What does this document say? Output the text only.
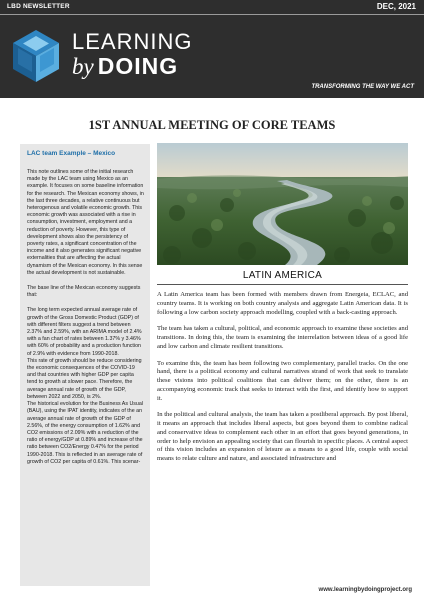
LBD NEWSLETTER	DEC, 2021
LEARNING
by DOING
TRANSFORMING THE WAY WE ACT
1ST ANNUAL MEETING OF CORE TEAMS
LAC team Example – Mexico

This note outlines some of the initial research made by the LAC team using Mexico as an example. It focuses on some baseline information for the research. The Mexican economy shows, in the last three decades, a relative continuous but heterogenous and volatile economic growth. This economic growth was associated with a rise in consumption, investment, employment and a reduction of poverty. However, this type of development shows also the persistency of poverty rates, a significant concentration of the income and it also generates significant negative externalities that are affecting the actual dynamism of the Mexican economy. In this sense the actual development is not sustainable.

The base line of the Mexican economy suggests that:

The long term expected annual average rate of growth of the Gross Domestic Product (GDP) of with different filters suggest a trend between 2.37% and 2.59%, with an ARIMA model of 2.4% with a fan chart of rates between 1.37% y 3.46% with 60% of probability and a production function of 2.9% with evidence from 1990-2018.

This rate of growth should be reduce considering the economic consequences of the COVID-19 and that countries with higher GDP per capita tend to growth at slower pace. Therefore, the average annual rate of growth of the GDP, between 2022 and 2050, is 2%.

The historical evolution for the Business As Usual (BAU), using the IPAT identity, indicates of the an average annual rate of growth of the GDP of 2.56%, of the energy consumption of 1.62% and CO2 emissions of 2.09% with a reduction of the ratio of energy/GDP at 0.89% and increase of the ratio between CO2/Energy 0.47% for the period 1990-2018. This is reflected in an average rate of growth of CO2 per capita of 0.61%. This scenar-

LATIN AMERICA

A Latin America team has been formed with members drawn from Energeia, ECLAC, and country teams. It is working on both country analysis and aggregate Latin American data. It is following a low carbon society approach modelling, coupled with a back-casting approach.

The team has taken a cultural, political, and economic approach to examine these societies and transitions. In doing this, the team is examining the interrelation between ideas of a good life and low carbon and climate resilient transitions.

To examine this, the team has been following two complementary, parallel tracks. On the one hand, there is a political economy and cultural narratives strand of work that seek to translate these visions into political coalitions that can deliver them; on the other, there is an accompanying economic track that seeks to interact with the first, and identify how to support it.

In the political and cultural analysis, the team has taken a postliberal approach. By post liberal, it means an approach that includes liberal aspects, but goes beyond them to combine radical and conservative ideas to complement each other in an effort that goes beyond generations, in order to help envision an appealing society that can flourish in specific places. A central aspect of this vision includes an expansion of leisure as a means to a good life, couple with social means to relate culture and nature, and associated infrastructure and

www.learningbydoingproject.org
